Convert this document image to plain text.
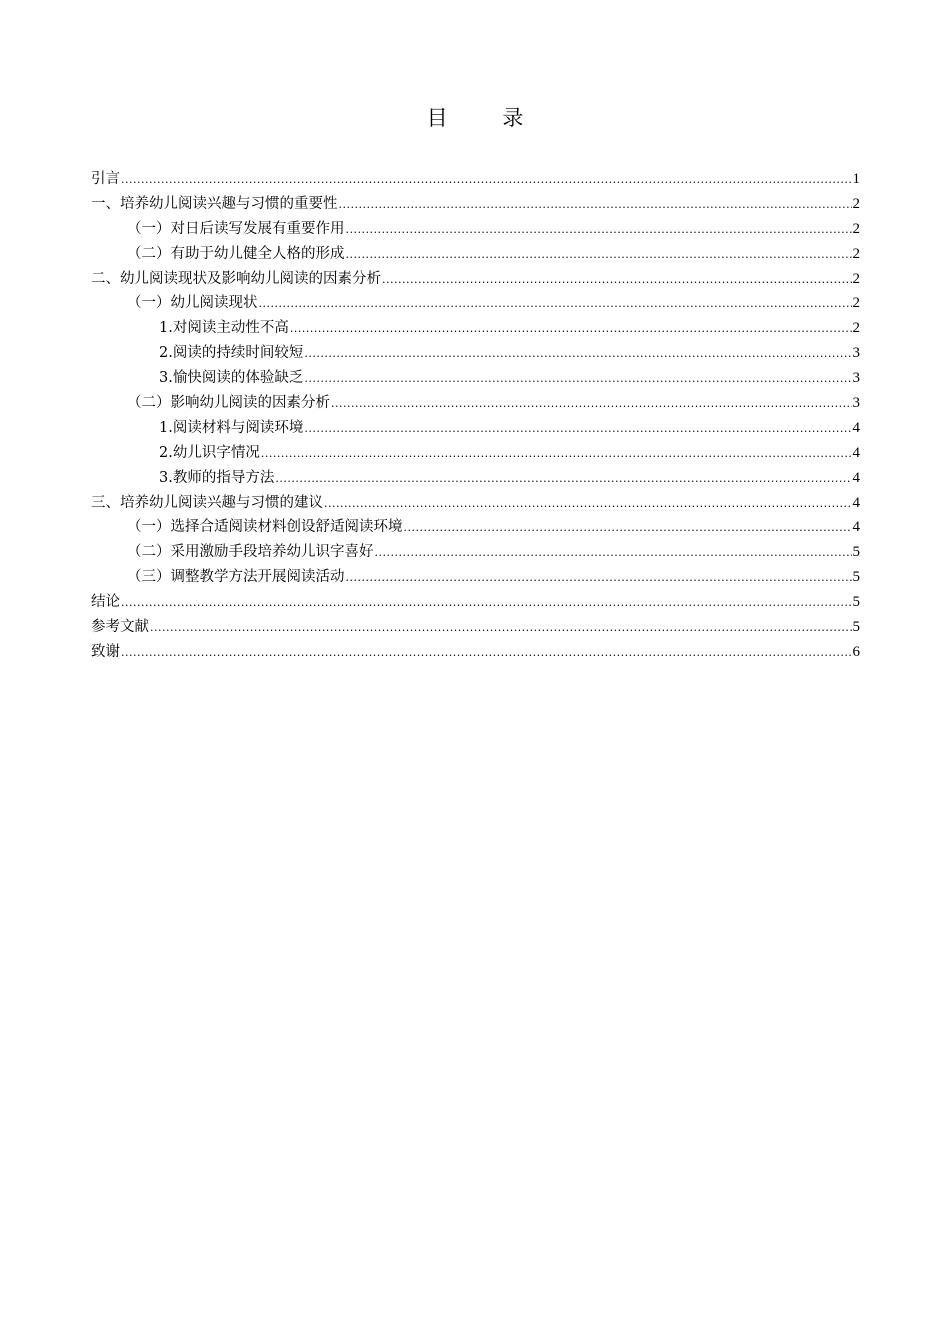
目 录
引言 .....	1
一、培养幼儿阅读兴趣与习惯的重要性 .....	2
（一）对日后读写发展有重要作用 .....	2
（二）有助于幼儿健全人格的形成 .....	2
二、幼儿阅读现状及影响幼儿阅读的因素分析 .....	2
（一）幼儿阅读现状 .....	2
1.对阅读主动性不高 .....	2
2.阅读的持续时间较短 .....	3
3.愉快阅读的体验缺乏 .....	3
（二）影响幼儿阅读的因素分析 .....	3
1.阅读材料与阅读环境 .....	4
2.幼儿识字情况 .....	4
3.教师的指导方法 .....	4
三、培养幼儿阅读兴趣与习惯的建议 .....	4
（一）选择合适阅读材料创设舒适阅读环境 .....	4
（二）采用激励手段培养幼儿识字喜好 .....	5
（三）调整教学方法开展阅读活动 .....	5
结论 .....	5
参考文献 .....	5
致谢 .....	6
